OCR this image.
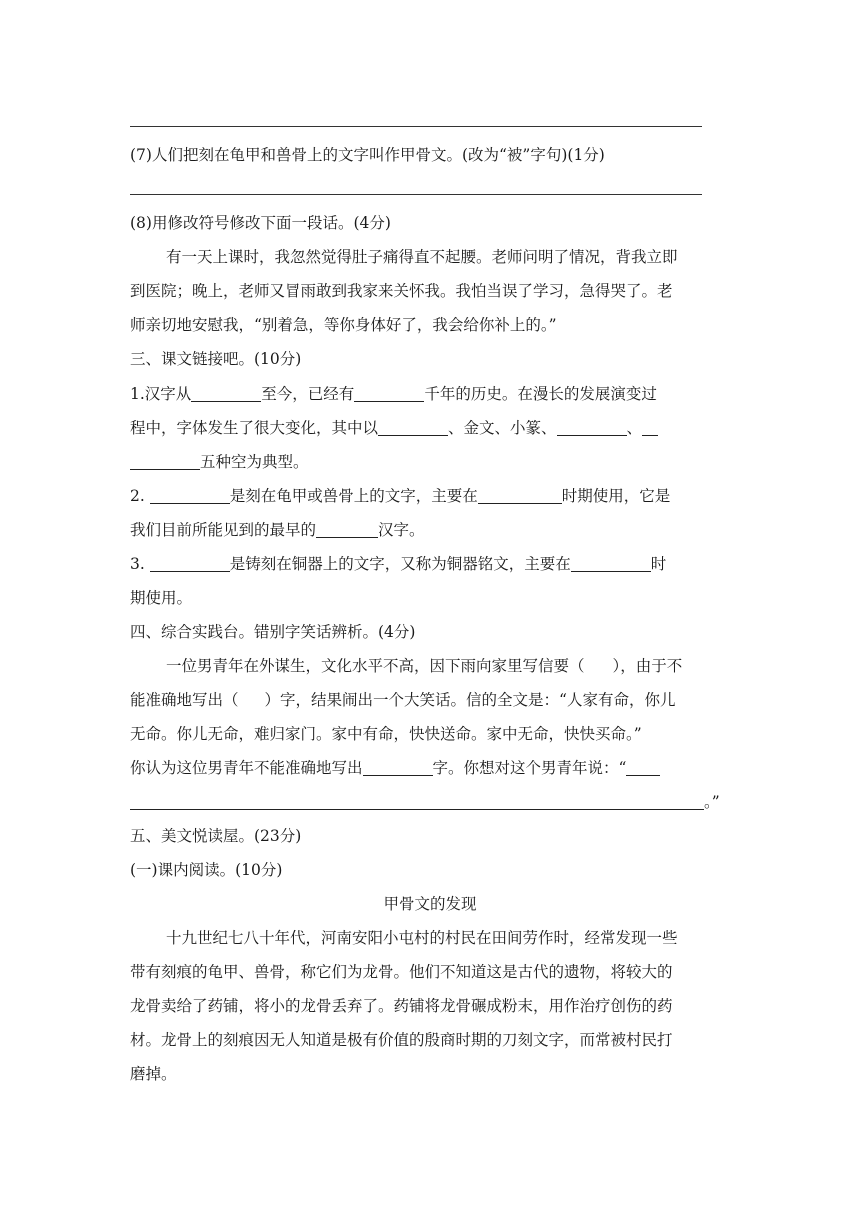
(7)人们把刻在龟甲和兽骨上的文字叫作甲骨文。(改为“被”字句)(1分)
(8)用修改符号修改下面一段话。(4分)
有一天上课时，我忽然觉得肚子痛得直不起腰。老师问明了情况，背我立即
到医院；晚上，老师又冒雨敢到我家来关怀我。我怕当误了学习，急得哭了。老
师亲切地安慰我，“别着急，等你身体好了，我会给你补上的。”
三、课文链接吧。(10分)
1.汉字从	至今，已经有	千年的历史。在漫长的发展演变过
程中，字体发生了很大变化，其中以	、金文、小篆、	、
五种空为典型。
2.	是刻在龟甲或兽骨上的文字，主要在	时期使用，它是
我们目前所能见到的最早的	汉字。
3.	是铸刻在铜器上的文字，又称为铜器铭文，主要在	时
期使用。
四、综合实践台。错别字笑话辨析。(4分)
一位男青年在外谋生，文化水平不高，因下雨向家里写信要（ ），由于不
能准确地写出（ ）字，结果闹出一个大笑话。信的全文是：“人家有命，你儿
无命。你儿无命，难归家门。家中有命，快快送命。家中无命，快快买命。”
你认为这位男青年不能准确地写出	字。你想对这个男青年说：“
。”
五、美文悦读屋。(23分)
(一)课内阅读。(10分)
甲骨文的发现
十九世纪七八十年代，河南安阳小屯村的村民在田间劳作时，经常发现一些
带有刻痕的龟甲、兽骨，称它们为龙骨。他们不知道这是古代的遗物，将较大的
龙骨卖给了药铺，将小的龙骨丢弃了。药铺将龙骨碾成粉末，用作治疗创伤的药
材。龙骨上的刻痕因无人知道是极有价值的殷商时期的刀刻文字，而常被村民打
磨掉。
